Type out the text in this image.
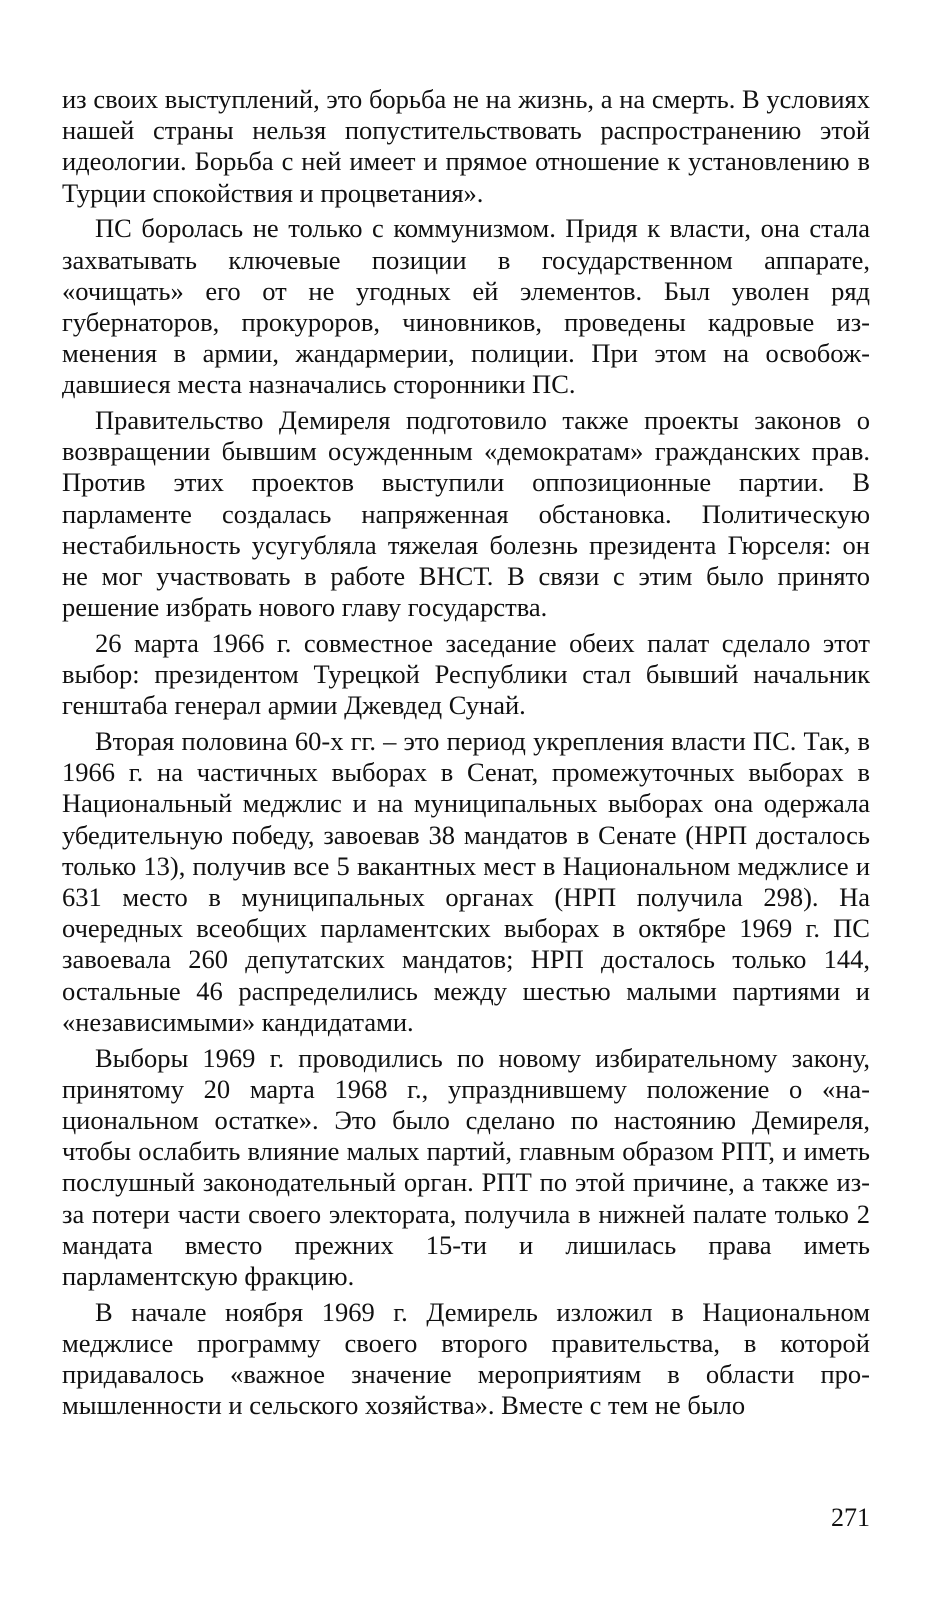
из своих выступлений, это борьба не на жизнь, а на смерть. В условиях нашей страны нельзя попустительствовать распространению этой идеологии. Борьба с ней имеет и прямое отношение к установлению в Турции спокойствия и процветания».

ПС боролась не только с коммунизмом. Придя к власти, она стала захватывать ключевые позиции в государственном аппарате, «очищать» его от не угодных ей элементов. Был уволен ряд губернаторов, прокуроров, чиновников, проведены кадровые изменения в армии, жандармерии, полиции. При этом на освобождавшиеся места назначались сторонники ПС.

Правительство Демиреля подготовило также проекты законов о возвращении бывшим осужденным «демократам» гражданских прав. Против этих проектов выступили оппозиционные партии. В парламенте создалась напряженная обстановка. Политическую нестабильность усугубляла тяжелая болезнь президента Гюрселя: он не мог участвовать в работе ВНСТ. В связи с этим было принято решение избрать нового главу государства.

26 марта 1966 г. совместное заседание обеих палат сделало этот выбор: президентом Турецкой Республики стал бывший начальник генштаба генерал армии Джевдед Сунай.

Вторая половина 60-х гг. – это период укрепления власти ПС. Так, в 1966 г. на частичных выборах в Сенат, промежуточных выборах в Национальный меджлис и на муниципальных выборах она одержала убедительную победу, завоевав 38 мандатов в Сенате (НРП досталось только 13), получив все 5 вакантных мест в Национальном меджлисе и 631 место в муниципальных органах (НРП получила 298). На очередных всеобщих парламентских выборах в октябре 1969 г. ПС завоевала 260 депутатских мандатов; НРП досталось только 144, остальные 46 распределились между шестью малыми партиями и «независимыми» кандидатами.

Выборы 1969 г. проводились по новому избирательному закону, принятому 20 марта 1968 г., упразднившему положение о «национальном остатке». Это было сделано по настоянию Демиреля, чтобы ослабить влияние малых партий, главным образом РПТ, и иметь послушный законодательный орган. РПТ по этой причине, а также из-за потери части своего электората, получила в нижней палате только 2 мандата вместо прежних 15-ти и лишилась права иметь парламентскую фракцию.

В начале ноября 1969 г. Демирель изложил в Национальном меджлисе программу своего второго правительства, в которой придавалось «важное значение мероприятиям в области промышленности и сельского хозяйства». Вместе с тем не было

271
